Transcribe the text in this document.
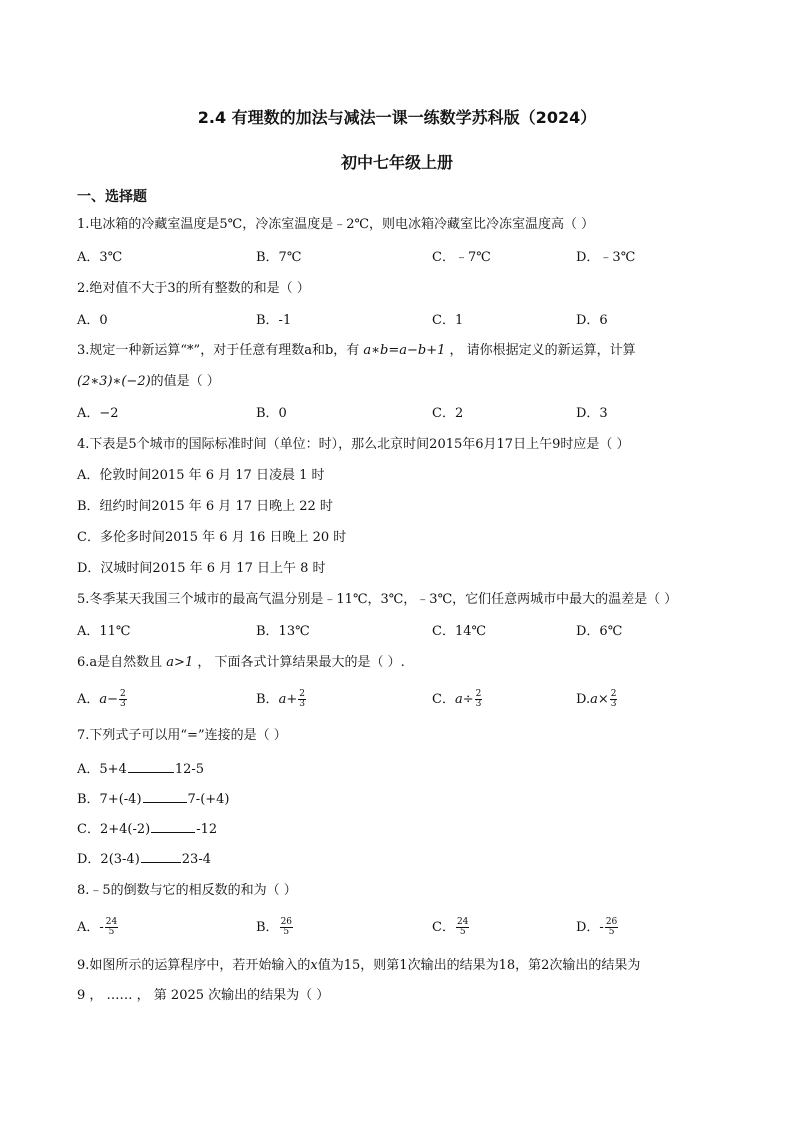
2.4 有理数的加法与减法一课一练数学苏科版（2024）
初中七年级上册
一、选择题
1.电冰箱的冷藏室温度是5℃，冷冻室温度是﹣2℃，则电冰箱冷藏室比冷冻室温度高（ ）
A．3℃	B．7℃	C．﹣7℃	D．﹣3℃
2.绝对值不大于3的所有整数的和是（ ）
A．0	B．-1	C．1	D．6
3.规定一种新运算“*”，对于任意有理数a和b，有 a∗b=a−b+1 ， 请你根据定义的新运算，计算
(2∗3)∗(−2)的值是（ ）
A．−2	B．0	C．2	D．3
4.下表是5个城市的国际标准时间（单位：时），那么北京时间2015年6月17日上午9时应是（ ）
A．伦敦时间2015 年 6 月 17 日凌晨 1 时
B．纽约时间2015 年 6 月 17 日晚上 22 时
C．多伦多时间2015 年 6 月 16 日晚上 20 时
D．汉城时间2015 年 6 月 17 日上午 8 时
5.冬季某天我国三个城市的最高气温分别是﹣11℃，3℃，﹣3℃，它们任意两城市中最大的温差是（ ）
A．11℃	B．13℃	C．14℃	D．6℃
6.a是自然数且 a>1 ， 下面各式计算结果最大的是（ ）.
A．$a- \frac{2}{3}$	B．$a+ \frac{2}{3}$	C．$a\div \frac{2}{3}$	$D.a\times \frac{2}{3}$
7.下列式子可以用“=”连接的是（ ）
A．5+4	12-5
B．7+(-4)	7-(+4)
C．2+4(-2)	-12
D．2(3-4)	23-4
8.﹣5的倒数与它的相反数的和为（ ）
A．- $\frac{24}{5}$	B． $\frac{26}{5}$	C． $\frac{24}{5}$	D．- $\frac{26}{5}$
9.如图所示的运算程序中，若开始输入的x值为15，则第1次输出的结果为18，第2次输出的结果为
9 ， …… ， 第 2025 次输出的结果为（ ）
